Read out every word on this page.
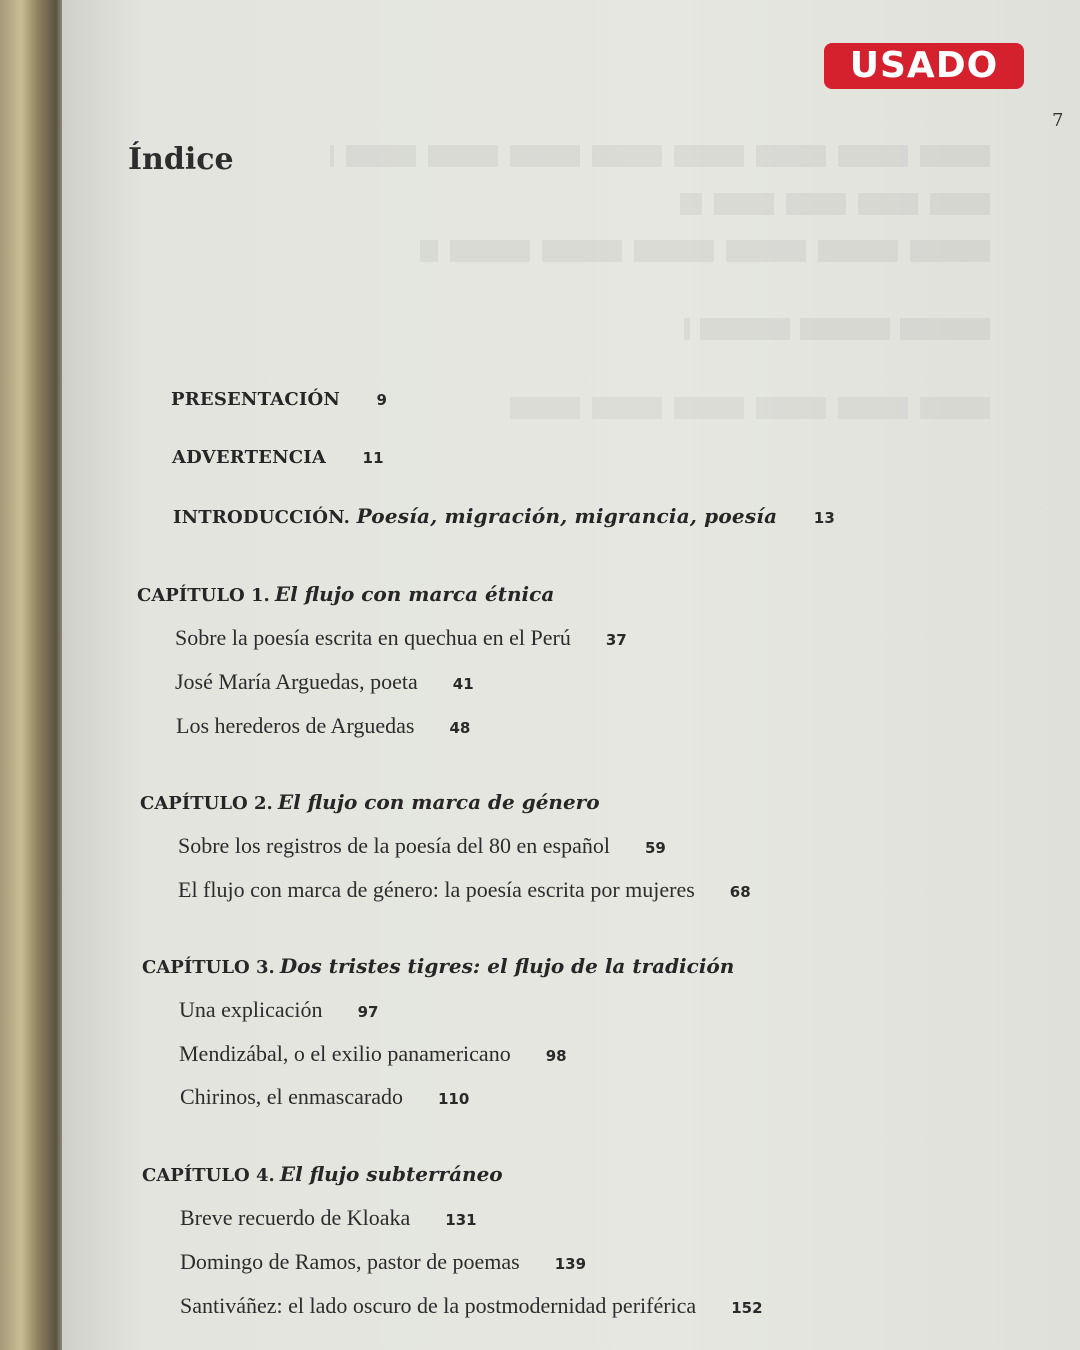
USADO
7
Índice
PRESENTACIÓN 9
ADVERTENCIA 11
INTRODUCCIÓN. Poesía, migración, migrancia, poesía 13
CAPÍTULO 1. El flujo con marca étnica
Sobre la poesía escrita en quechua en el Perú 37
José María Arguedas, poeta 41
Los herederos de Arguedas 48
CAPÍTULO 2. El flujo con marca de género
Sobre los registros de la poesía del 80 en español 59
El flujo con marca de género: la poesía escrita por mujeres 68
CAPÍTULO 3. Dos tristes tigres: el flujo de la tradición
Una explicación 97
Mendizábal, o el exilio panamericano 98
Chirinos, el enmascarado 110
CAPÍTULO 4. El flujo subterráneo
Breve recuerdo de Kloaka 131
Domingo de Ramos, pastor de poemas 139
Santiváñez: el lado oscuro de la postmodernidad periférica 152
